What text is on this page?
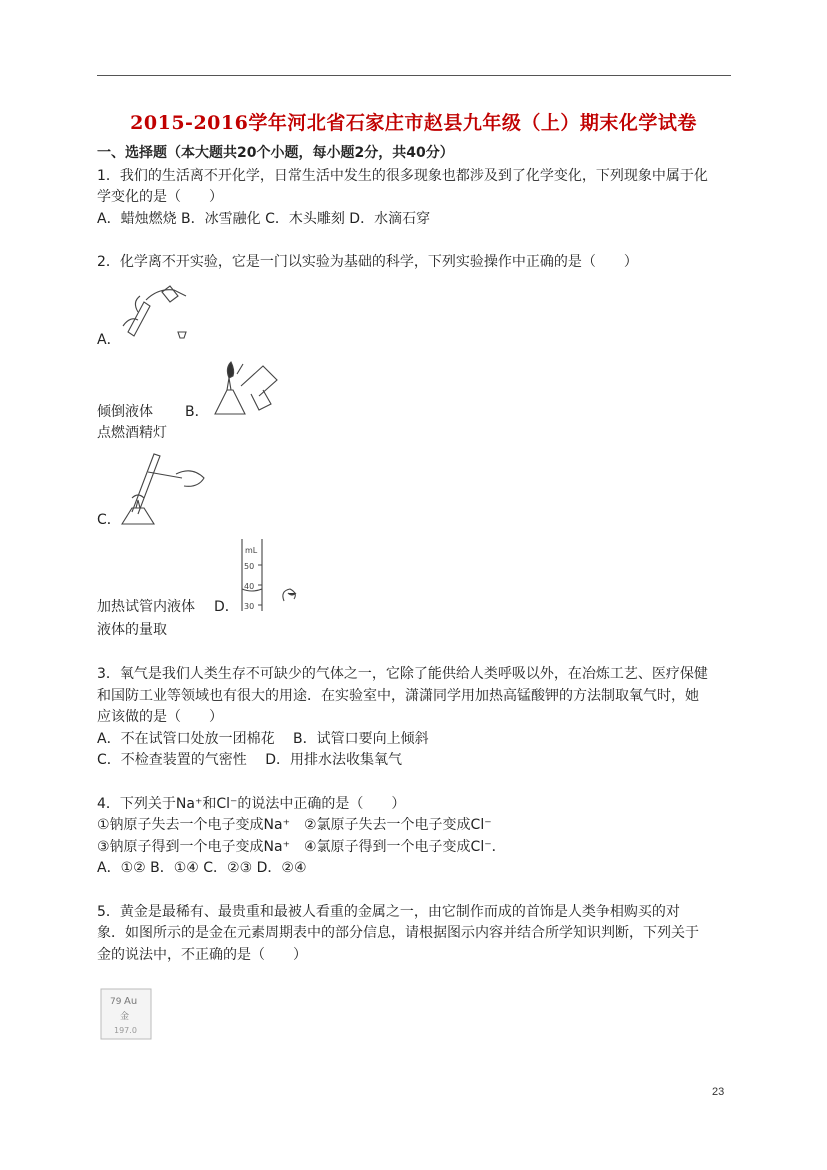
2015-2016学年河北省石家庄市赵县九年级（上）期末化学试卷
一、选择题（本大题共20个小题，每小题2分，共40分）
1．我们的生活离不开化学，日常生活中发生的很多现象也都涉及到了化学变化，下列现象中属于化
学变化的是（　　）
A．蜡烛燃烧 B．冰雪融化 C．木头雕刻 D．水滴石穿
2．化学离不开实验，它是一门以实验为基础的科学，下列实验操作中正确的是（　　）
A．
倾倒液体 B．
点燃酒精灯
C．
加热试管内液体 D．
mL
50
40
30
液体的量取
3．氧气是我们人类生存不可缺少的气体之一，它除了能供给人类呼吸以外，在冶炼工艺、医疗保健
和国防工业等领域也有很大的用途．在实验室中，潇潇同学用加热高锰酸钾的方法制取氧气时，她
应该做的是（　　）
A．不在试管口处放一团棉花　 B．试管口要向上倾斜
C．不检查装置的气密性　 D．用排水法收集氧气
4．下列关于Na⁺和Cl⁻的说法中正确的是（　　）
①钠原子失去一个电子变成Na⁺　②氯原子失去一个电子变成Cl⁻
③钠原子得到一个电子变成Na⁺　④氯原子得到一个电子变成Cl⁻．
A．①② B．①④ C．②③ D．②④
5．黄金是最稀有、最贵重和最被人看重的金属之一，由它制作而成的首饰是人类争相购买的对
象．如图所示的是金在元素周期表中的部分信息，请根据图示内容并结合所学知识判断，下列关于
金的说法中，不正确的是（　　）
79 Au
金
197.0
23
